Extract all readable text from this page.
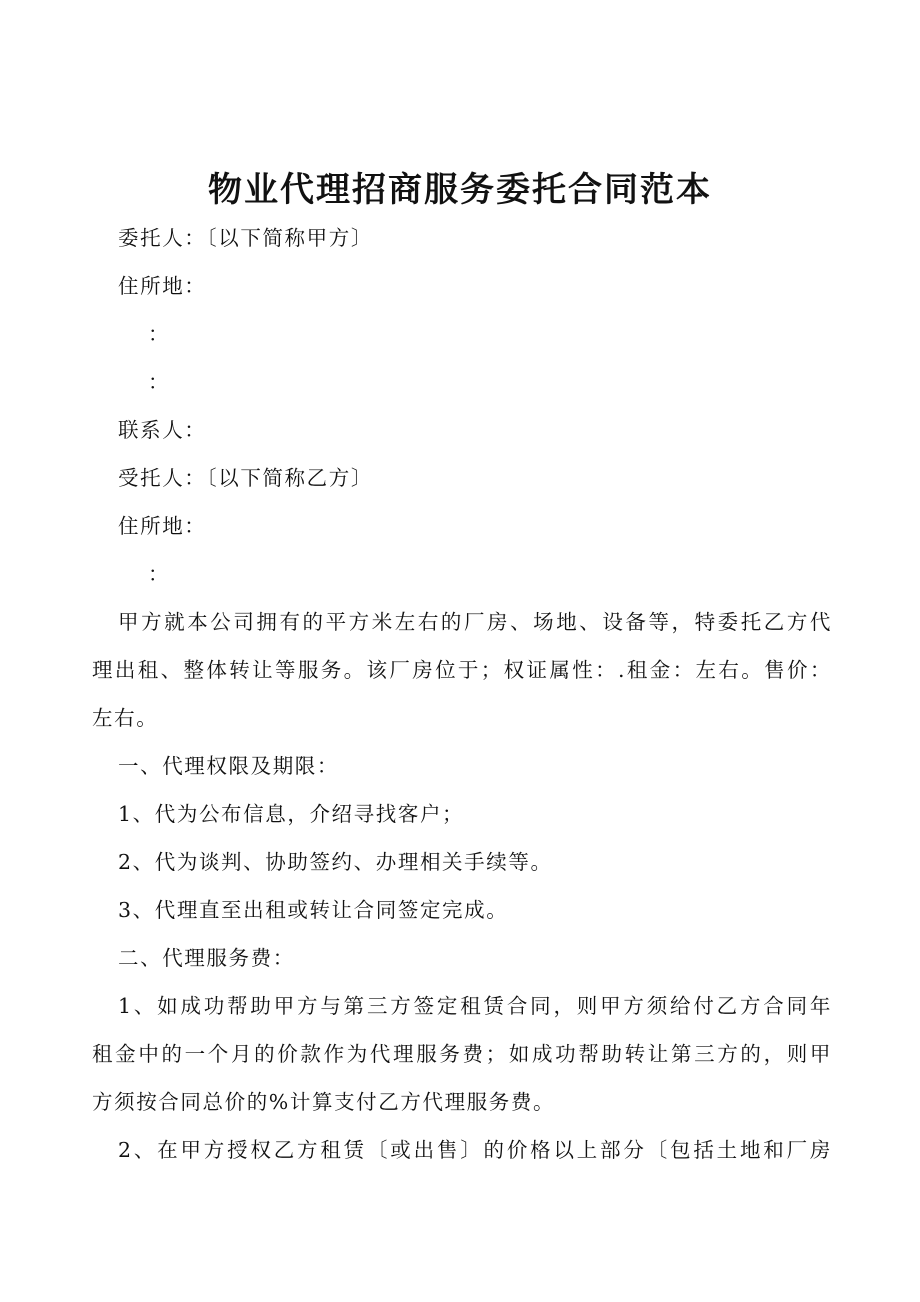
物业代理招商服务委托合同范本
委托人：〔以下简称甲方〕
住所地：
：
：
联系人：
受托人：〔以下简称乙方〕
住所地：
：
甲方就本公司拥有的平方米左右的厂房、场地、设备等，特委托乙方代
理出租、整体转让等服务。该厂房位于；权证属性：.租金：左右。售价：
左右。
一、代理权限及期限：
1、代为公布信息，介绍寻找客户；
2、代为谈判、协助签约、办理相关手续等。
3、代理直至出租或转让合同签定完成。
二、代理服务费：
1、如成功帮助甲方与第三方签定租赁合同，则甲方须给付乙方合同年
租金中的一个月的价款作为代理服务费；如成功帮助转让第三方的，则甲
方须按合同总价的%计算支付乙方代理服务费。
2、在甲方授权乙方租赁〔或出售〕的价格以上部分〔包括土地和厂房
